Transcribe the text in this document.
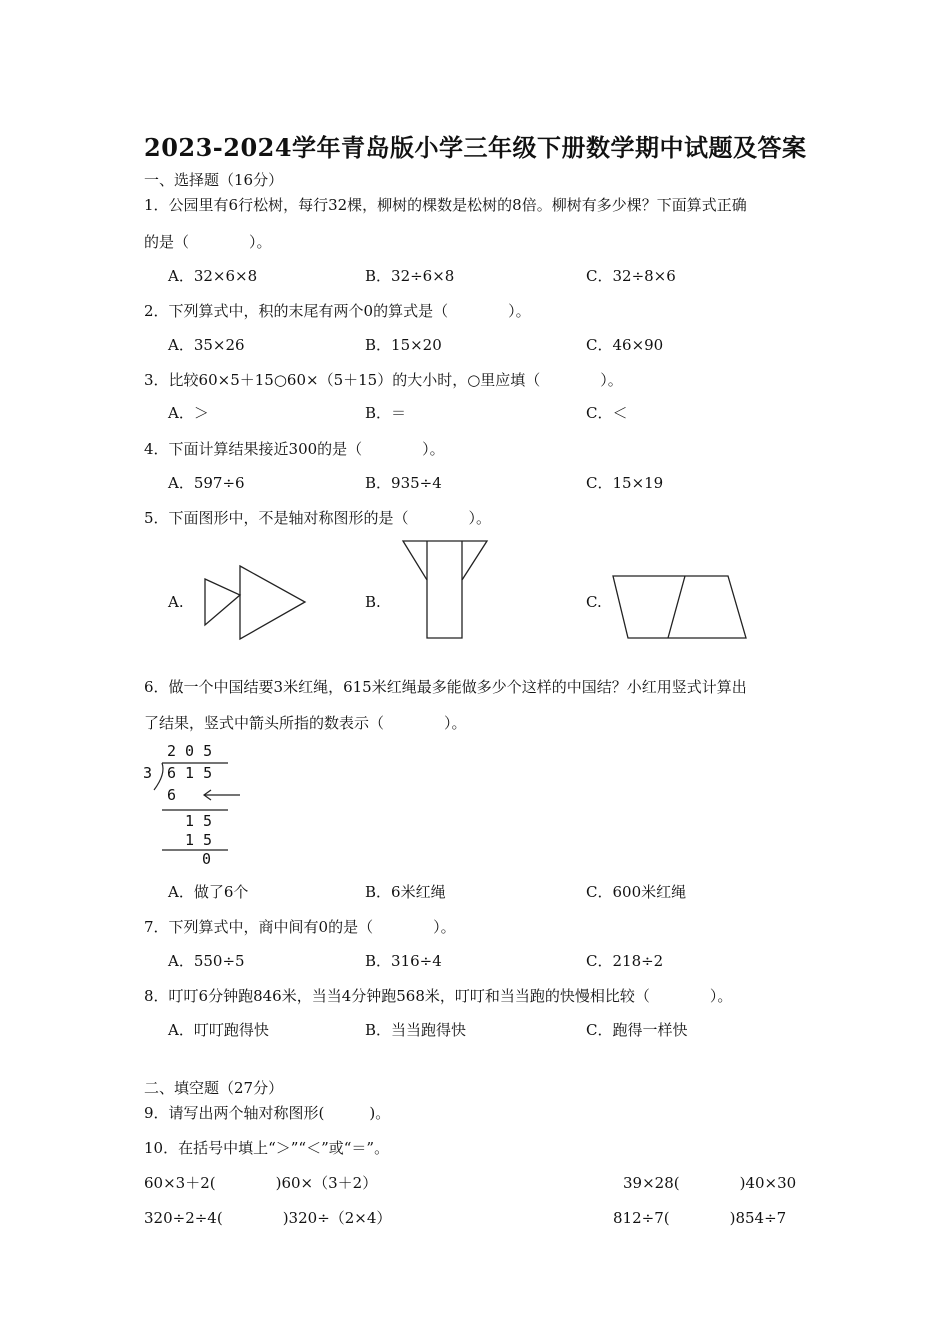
2023-2024学年青岛版小学三年级下册数学期中试题及答案
一、选择题（16分）
1．公园里有6行松树，每行32棵，柳树的棵数是松树的8倍。柳树有多少棵？下面算式正确
的是（　　　　）。
A．32×6×8	B．32÷6×8	C．32÷8×6
2．下列算式中，积的末尾有两个0的算式是（　　　　）。
A．35×26	B．15×20	C．46×90
3．比较60×5＋15○60×（5＋15）的大小时，○里应填（　　　　）。
A．＞	B．＝	C．＜
4．下面计算结果接近300的是（　　　　）。
A．597÷6	B．935÷4	C．15×19
5．下面图形中，不是轴对称图形的是（　　　　）。
A.	B.	C.
6．做一个中国结要3米红绳，615米红绳最多能做多少个这样的中国结？小红用竖式计算出
了结果，竖式中箭头所指的数表示（　　　　）。
2 0 5
3 6 1 5
6
1 5
1 5
0
A．做了6个	B．6米红绳	C．600米红绳
7．下列算式中，商中间有0的是（　　　　）。
A．550÷5	B．316÷4	C．218÷2
8．叮叮6分钟跑846米，当当4分钟跑568米，叮叮和当当跑的快慢相比较（　　　　）。
A．叮叮跑得快	B．当当跑得快	C．跑得一样快
二、填空题（27分）
9．请写出两个轴对称图形(　　　)。
10．在括号中填上“＞”“＜”或“＝”。
60×3＋2(　　　　)60×（3＋2）	39×28(　　　　)40×30
320÷2÷4(　　　　)320÷（2×4）	812÷7(　　　　)854÷7
